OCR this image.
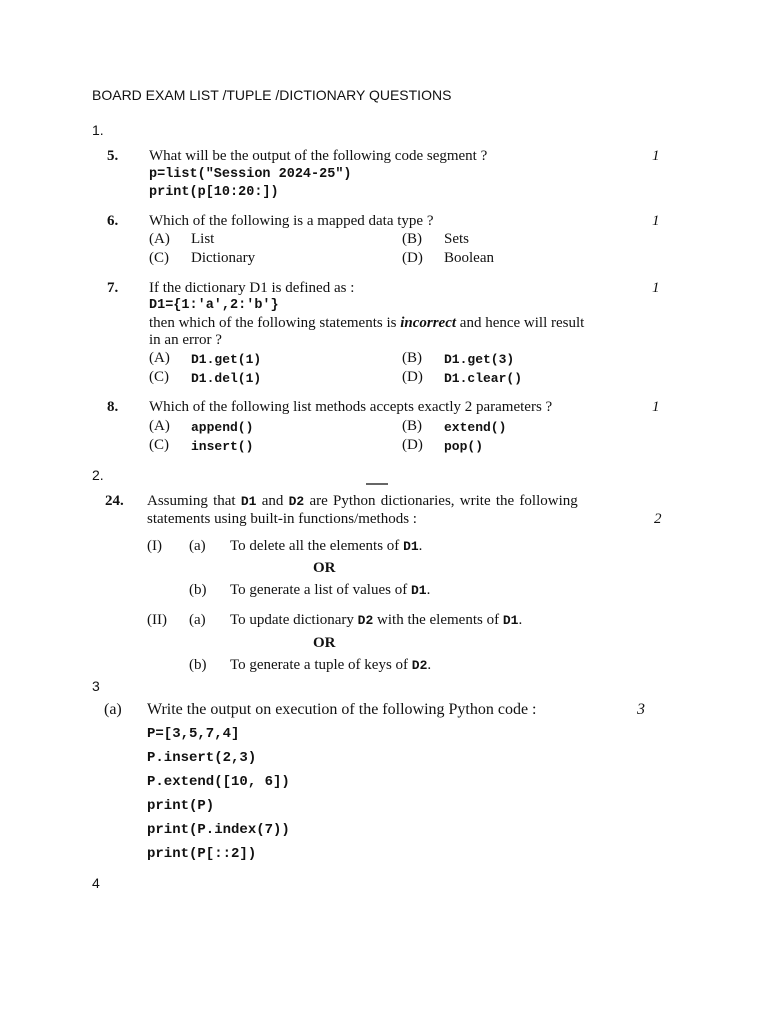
BOARD EXAM LIST /TUPLE /DICTIONARY QUESTIONS
1.
5. What will be the output of the following code segment ?	1
p=list("Session 2024-25")
print(p[10:20:])
6. Which of the following is a mapped data type ?	1
(A) List	(B) Sets
(C) Dictionary	(D) Boolean
7. If the dictionary D1 is defined as :	1
D1={1:'a',2:'b'}
then which of the following statements is incorrect and hence will result
in an error ?
(A) D1.get(1)	(B) D1.get(3)
(C) D1.del(1)	(D) D1.clear()
8. Which of the following list methods accepts exactly 2 parameters ?	1
(A) append()	(B) extend()
(C) insert()	(D) pop()
2.
24. Assuming that D1 and D2 are Python dictionaries, write the following
statements using built-in functions/methods :	2
(I) (a) To delete all the elements of D1.
OR
(b) To generate a list of values of D1.
(II) (a) To update dictionary D2 with the elements of D1.
OR
(b) To generate a tuple of keys of D2.
3
(a) Write the output on execution of the following Python code :	3
P=[3,5,7,4]
P.insert(2,3)
P.extend([10, 6])
print(P)
print(P.index(7))
print(P[::2])
4
